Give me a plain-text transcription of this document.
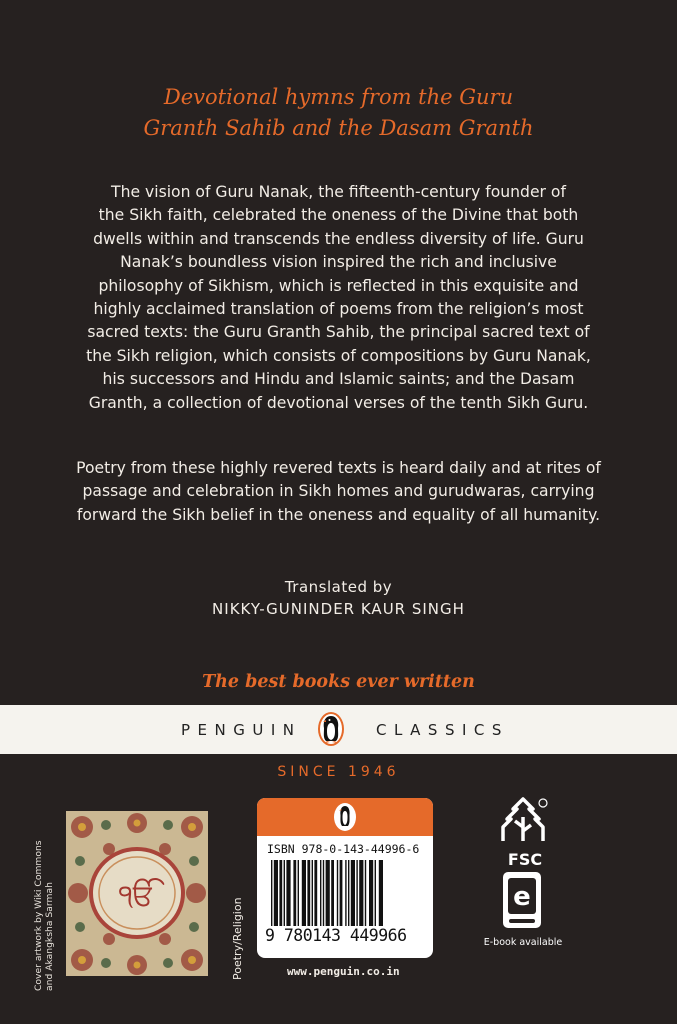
Devotional hymns from the Guru
Granth Sahib and the Dasam Granth
The vision of Guru Nanak, the fifteenth-century founder of
the Sikh faith, celebrated the oneness of the Divine that both
dwells within and transcends the endless diversity of life. Guru
Nanak’s boundless vision inspired the rich and inclusive
philosophy of Sikhism, which is reflected in this exquisite and
highly acclaimed translation of poems from the religion’s most
sacred texts: the Guru Granth Sahib, the principal sacred text of
the Sikh religion, which consists of compositions by Guru Nanak,
his successors and Hindu and Islamic saints; and the Dasam
Granth, a collection of devotional verses of the tenth Sikh Guru.
Poetry from these highly revered texts is heard daily and at rites of
passage and celebration in Sikh homes and gurudwaras, carrying
forward the Sikh belief in the oneness and equality of all humanity.
Translated by
NIKKY-GUNINDER KAUR SINGH
The best books ever written
PENGUIN	CLASSICS
SINCE 1946
Cover artwork by Wiki Commons and Akangksha Sarmah ੴ
Poetry/Religion
ISBN 978-0-143-44996-6
9 780143 449966
www.penguin.co.in
FSC
e
E-book available
